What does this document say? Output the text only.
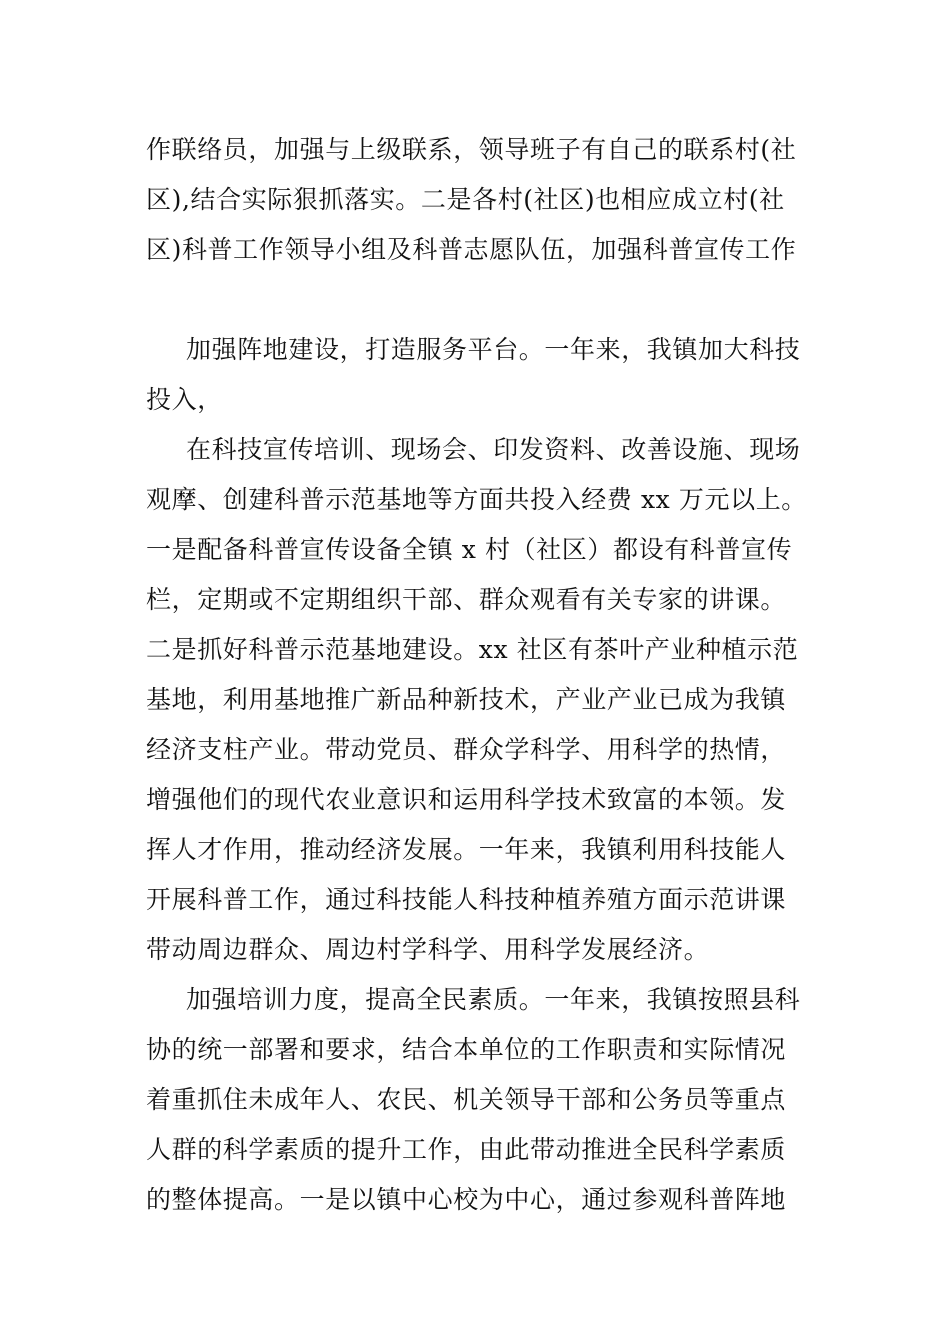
作联络员，加强与上级联系，领导班子有自己的联系村(社

区),结合实际狠抓落实。二是各村(社区)也相应成立村(社

区)科普工作领导小组及科普志愿队伍，加强科普宣传工作

加强阵地建设，打造服务平台。一年来，我镇加大科技

投入，

在科技宣传培训、现场会、印发资料、改善设施、现场

观摩、创建科普示范基地等方面共投入经费 xx 万元以上。

一是配备科普宣传设备全镇 x 村（社区）都设有科普宣传

栏，定期或不定期组织干部、群众观看有关专家的讲课。

二是抓好科普示范基地建设。xx 社区有茶叶产业种植示范

基地，利用基地推广新品种新技术，产业产业已成为我镇

经济支柱产业。带动党员、群众学科学、用科学的热情，

增强他们的现代农业意识和运用科学技术致富的本领。发

挥人才作用，推动经济发展。一年来，我镇利用科技能人

开展科普工作，通过科技能人科技种植养殖方面示范讲课

带动周边群众、周边村学科学、用科学发展经济。

加强培训力度，提高全民素质。一年来，我镇按照县科

协的统一部署和要求，结合本单位的工作职责和实际情况

着重抓住未成年人、农民、机关领导干部和公务员等重点

人群的科学素质的提升工作，由此带动推进全民科学素质

的整体提高。一是以镇中心校为中心，通过参观科普阵地
